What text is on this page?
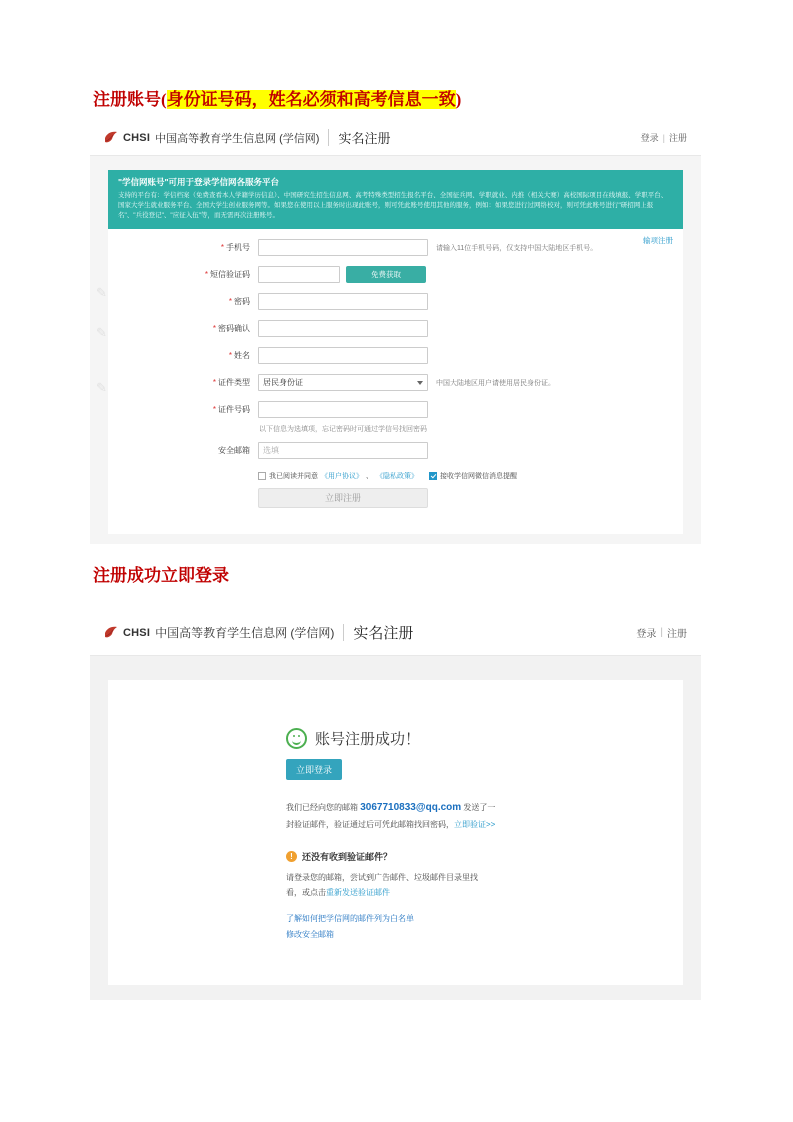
注册账号(身份证号码，姓名必须和高考信息一致)
CHSI 中国高等教育学生信息网 (学信网) 实名注册	登录 | 注册
✎
✎
✎
"学信网账号"可用于登录学信网各服务平台
支持的平台有：学信档案（免费查看本人学籍学历信息）、中国研究生招生信息网、高考特殊类型招生报名平台、全国征兵网、学职就业、内推（相关大赛）高校国际项目在线填报、学职平台、国家大学生就业服务平台、全国大学生创业服务网等。如果您在使用以上服务时出现此账号，则可凭此账号使用其他的服务，例如：如果您进行过网络校对，则可凭此账号进行"研招网上报名"、"兵役登记"、"应征入伍"等，而无需再次注册账号。
输项注册
* 手机号	请输入11位手机号码，仅支持中国大陆地区手机号。
* 短信验证码	免费获取
* 密码
* 密码确认
* 姓名
* 证件类型	居民身份证	中国大陆地区用户请使用居民身份证。
* 证件号码
以下信息为选填项，忘记密码时可通过学信号找回密码
安全邮箱	选填
我已阅读并同意 《用户协议》 、 《隐私政策》	接收学信网微信消息提醒
立即注册
注册成功立即登录
CHSI 中国高等教育学生信息网 (学信网) 实名注册	登录 | 注册
账号注册成功！
立即登录
我们已经向您的邮箱 3067710833@qq.com 发送了一
封验证邮件，验证通过后可凭此邮箱找回密码，立即验证>>
!	还没有收到验证邮件？
请登录您的邮箱，尝试到广告邮件、垃圾邮件目录里找
看，或点击重新发送验证邮件
了解如何把学信网的邮件列为白名单
修改安全邮箱
